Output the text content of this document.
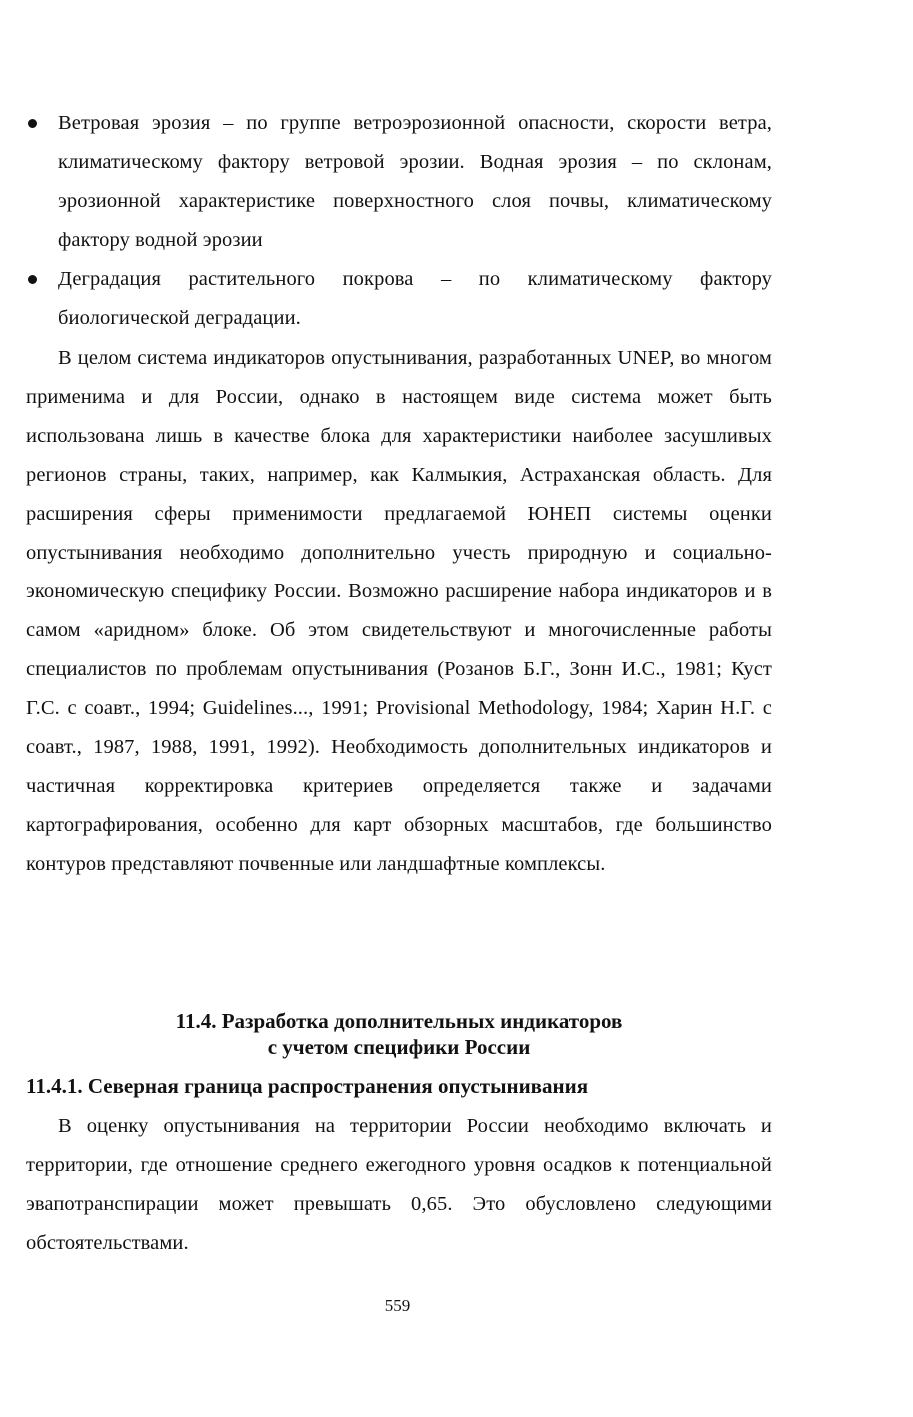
Ветровая эрозия – по группе ветроэрозионной опасности, скорости ветра, климатическому фактору ветровой эрозии. Водная эрозия – по склонам, эрозионной характеристике поверхностного слоя почвы, климатическому фактору водной эрозии
Деградация растительного покрова – по климатическому фактору биологической деградации.

В целом система индикаторов опустынивания, разработанных UNEP, во многом применима и для России, однако в настоящем виде система может быть использована лишь в качестве блока для характеристики наиболее засушливых регионов страны, таких, например, как Калмыкия, Астраханская область. Для расширения сферы применимости предлагаемой ЮНЕП системы оценки опустынивания необходимо дополнительно учесть природную и социально-экономическую специфику России. Возможно расширение набора индикаторов и в самом «аридном» блоке. Об этом свидетельствуют и многочисленные работы специалистов по проблемам опустынивания (Розанов Б.Г., Зонн И.С., 1981; Куст Г.С. с соавт., 1994; Guidelines..., 1991; Provisional Methodology, 1984; Харин Н.Г. с соавт., 1987, 1988, 1991, 1992). Необходимость дополнительных индикаторов и частичная корректировка критериев определяется также и задачами картографирования, особенно для карт обзорных масштабов, где большинство контуров представляют почвенные или ландшафтные комплексы.

11.4. Разработка дополнительных индикаторов
с учетом специфики России
11.4.1. Северная граница распространения опустынивания

В оценку опустынивания на территории России необходимо включать и территории, где отношение среднего ежегодного уровня осадков к потенциальной эвапотранспирации может превышать 0,65. Это обусловлено следующими обстоятельствами.

559
